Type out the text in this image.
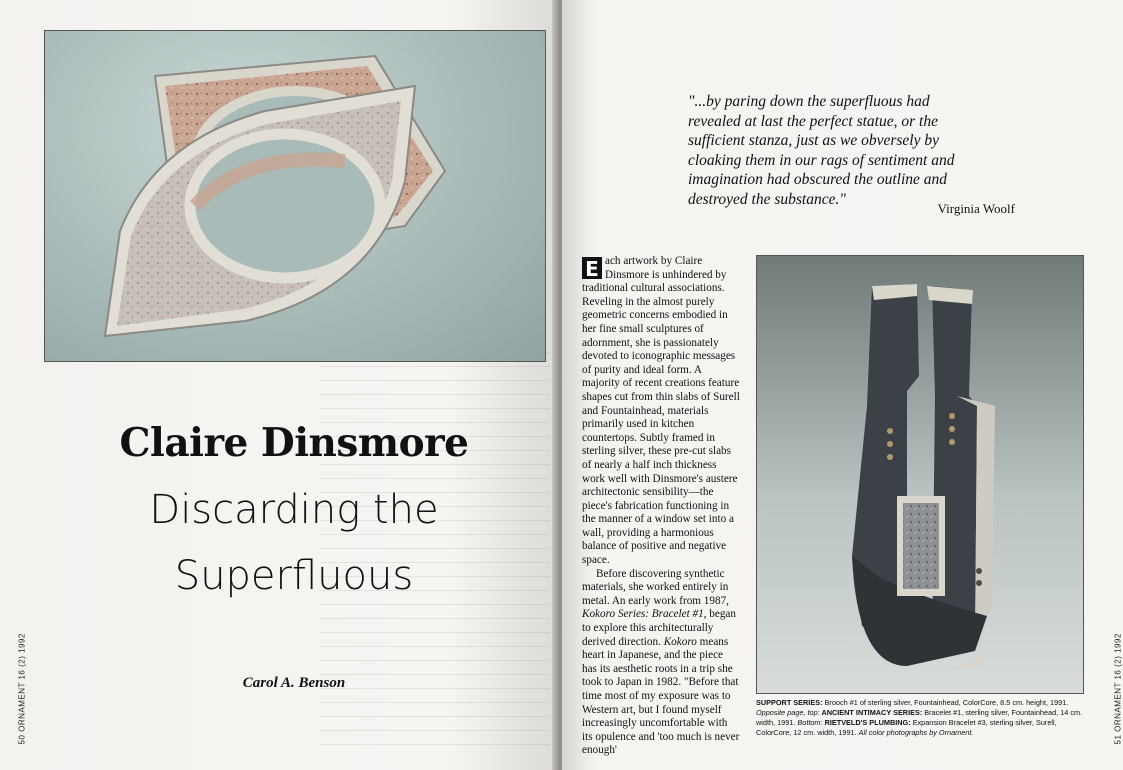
Claire Dinsmore
Discarding the
Superfluous
Carol A. Benson
50 ORNAMENT 16 (2) 1992	51 ORNAMENT 16 (2) 1992
"...by paring down the superfluous had
revealed at last the perfect statue, or the
sufficient stanza, just as we obversely by
cloaking them in our rags of sentiment and
imagination had obscured the outline and
destroyed the substance."
Virginia Woolf

E ach artwork by Claire Dinsmore is unhindered by traditional cultural associations. Reveling in the almost purely geometric concerns embodied in her fine small sculptures of adornment, she is passionately devoted to iconographic messages of purity and ideal form. A majority of recent creations feature shapes cut from thin slabs of Surell and Fountainhead, materials primarily used in kitchen countertops. Subtly framed in sterling silver, these pre-cut slabs of nearly a half inch thickness work well with Dinsmore's austere architectonic sensibility—the piece's fabrication functioning in the manner of a window set into a wall, providing a harmonious balance of positive and negative space.

Before discovering synthetic materials, she worked entirely in metal. An early work from 1987, Kokoro Series: Bracelet #1, began to explore this architecturally derived direction. Kokoro means heart in Japanese, and the piece has its aesthetic roots in a trip she took to Japan in 1982. "Before that time most of my exposure was to Western art, but I found myself increasingly uncomfortable with its opulence and 'too much is never enough'

SUPPORT SERIES: Brooch #1 of sterling silver, Fountainhead, ColorCore, 8.5 cm. height, 1991. Opposite page, top: ANCIENT INTIMACY SERIES: Bracelet #1, sterling silver, Fountainhead, 14 cm. width, 1991. Bottom: RIETVELD'S PLUMBING: Expansion Bracelet #3, sterling silver, Surell, ColorCore, 12 cm. width, 1991. All color photographs by Ornament.
